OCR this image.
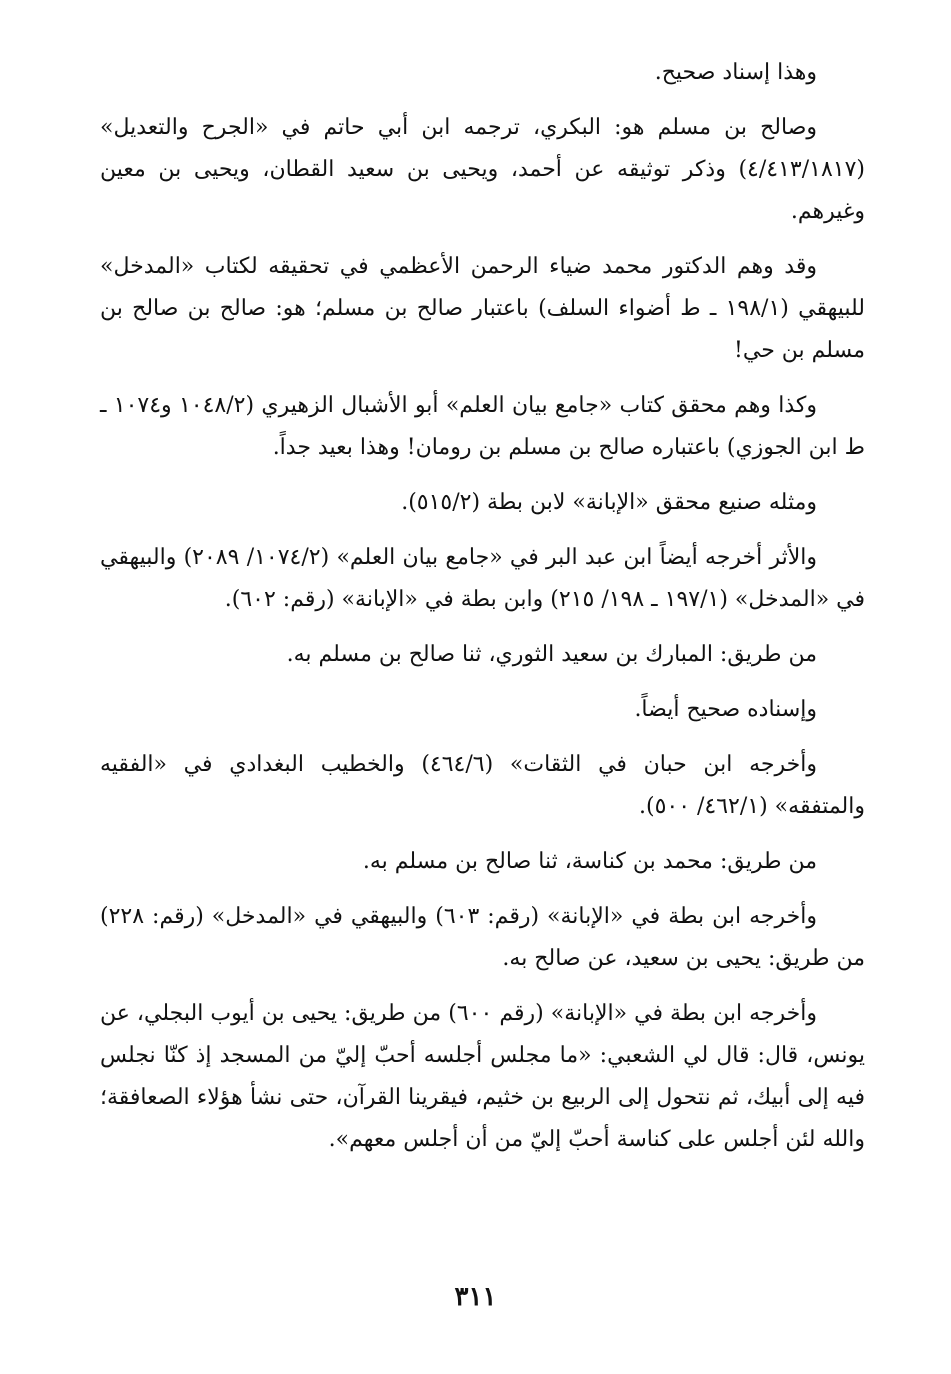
وهذا إسناد صحيح.

وصالح بن مسلم هو: البكري، ترجمه ابن أبي حاتم في «الجرح والتعديل» (٤/٤١٣/١٨١٧) وذكر توثيقه عن أحمد، ويحيى بن سعيد القطان، ويحيى بن معين وغيرهم.

وقد وهم الدكتور محمد ضياء الرحمن الأعظمي في تحقيقه لكتاب «المدخل» للبيهقي (١٩٨/١ ـ ط أضواء السلف) باعتبار صالح بن مسلم؛ هو: صالح بن صالح بن مسلم بن حي!

وكذا وهم محقق كتاب «جامع بيان العلم» أبو الأشبال الزهيري (١٠٤٨/٢ و١٠٧٤ ـ ط ابن الجوزي) باعتباره صالح بن مسلم بن رومان! وهذا بعيد جداً.

ومثله صنيع محقق «الإبانة» لابن بطة (٥١٥/٢).

والأثر أخرجه أيضاً ابن عبد البر في «جامع بيان العلم» (١٠٧٤/٢/ ٢٠٨٩) والبيهقي في «المدخل» (١٩٧/١ ـ ١٩٨/ ٢١٥) وابن بطة في «الإبانة» (رقم: ٦٠٢).

من طريق: المبارك بن سعيد الثوري، ثنا صالح بن مسلم به.

وإسناده صحيح أيضاً.

وأخرجه ابن حبان في الثقات» (٤٦٤/٦) والخطيب البغدادي في «الفقيه والمتفقه» (٤٦٢/١/ ٥٠٠).

من طريق: محمد بن كناسة، ثنا صالح بن مسلم به.

وأخرجه ابن بطة في «الإبانة» (رقم: ٦٠٣) والبيهقي في «المدخل» (رقم: ٢٢٨) من طريق: يحيى بن سعيد، عن صالح به.

وأخرجه ابن بطة في «الإبانة» (رقم ٦٠٠) من طريق: يحيى بن أيوب البجلي، عن يونس، قال: قال لي الشعبي: «ما مجلس أجلسه أحبّ إليّ من المسجد إذ كنّا نجلس فيه إلى أبيك، ثم نتحول إلى الربيع بن خثيم، فيقرينا القرآن، حتى نشأ هؤلاء الصعافقة؛ والله لئن أجلس على كناسة أحبّ إليّ من أن أجلس معهم».

٣١١
